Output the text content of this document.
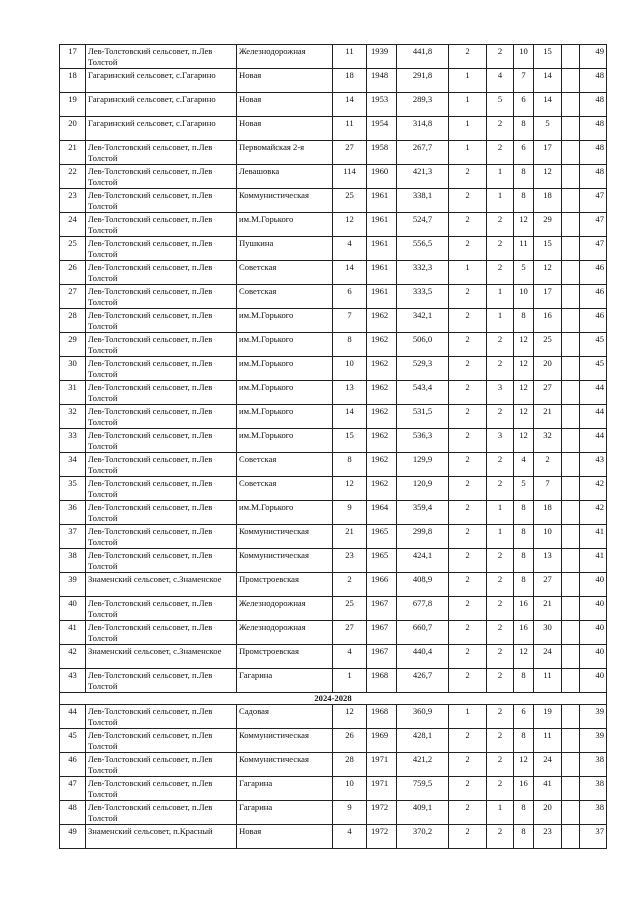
17	Лев-Толстовский сельсовет, п.Лев Толстой	Железнодорожная	11	1939	441,8	2	2	10	15		49
18	Гагаринский сельсовет, с.Гагарино	Новая	18	1948	291,8	1	4	7	14		48
19	Гагаринский сельсовет, с.Гагарино	Новая	14	1953	289,3	1	5	6	14		48
20	Гагаринский сельсовет, с.Гагарино	Новая	11	1954	314,8	1	2	8	5		48
21	Лев-Толстовский сельсовет, п.Лев Толстой	Первомайская 2-я	27	1958	267,7	1	2	6	17		48
22	Лев-Толстовский сельсовет, п.Лев Толстой	Левашовка	114	1960	421,3	2	1	8	12		48
23	Лев-Толстовский сельсовет, п.Лев Толстой	Коммунистическая	25	1961	338,1	2	1	8	18		47
24	Лев-Толстовский сельсовет, п.Лев Толстой	им.М.Горького	12	1961	524,7	2	2	12	29		47
25	Лев-Толстовский сельсовет, п.Лев Толстой	Пушкина	4	1961	556,5	2	2	11	15		47
26	Лев-Толстовский сельсовет, п.Лев Толстой	Советская	14	1961	332,3	1	2	5	12		46
27	Лев-Толстовский сельсовет, п.Лев Толстой	Советская	6	1961	333,5	2	1	10	17		46
28	Лев-Толстовский сельсовет, п.Лев Толстой	им.М.Горького	7	1962	342,1	2	1	8	16		46
29	Лев-Толстовский сельсовет, п.Лев Толстой	им.М.Горького	8	1962	506,0	2	2	12	25		45
30	Лев-Толстовский сельсовет, п.Лев Толстой	им.М.Горького	10	1962	529,3	2	2	12	20		45
31	Лев-Толстовский сельсовет, п.Лев Толстой	им.М.Горького	13	1962	543,4	2	3	12	27		44
32	Лев-Толстовский сельсовет, п.Лев Толстой	им.М.Горького	14	1962	531,5	2	2	12	21		44
33	Лев-Толстовский сельсовет, п.Лев Толстой	им.М.Горького	15	1962	536,3	2	3	12	32		44
34	Лев-Толстовский сельсовет, п.Лев Толстой	Советская	8	1962	129,9	2	2	4	2		43
35	Лев-Толстовский сельсовет, п.Лев Толстой	Советская	12	1962	120,9	2	2	5	7		42
36	Лев-Толстовский сельсовет, п.Лев Толстой	им.М.Горького	9	1964	359,4	2	1	8	18		42
37	Лев-Толстовский сельсовет, п.Лев Толстой	Коммунистическая	21	1965	299,8	2	1	8	10		41
38	Лев-Толстовский сельсовет, п.Лев Толстой	Коммунистическая	23	1965	424,1	2	2	8	13		41
39	Знаменский сельсовет, с.Знаменское	Промстроевская	2	1966	408,9	2	2	8	27		40
40	Лев-Толстовский сельсовет, п.Лев Толстой	Железнодорожная	25	1967	677,8	2	2	16	21		40
41	Лев-Толстовский сельсовет, п.Лев Толстой	Железнодорожная	27	1967	660,7	2	2	16	30		40
42	Знаменский сельсовет, с.Знаменское	Промстроевская	4	1967	440,4	2	2	12	24		40
43	Лев-Толстовский сельсовет, п.Лев Толстой	Гагарина	1	1968	426,7	2	2	8	11		40
2024-2028											
44	Лев-Толстовский сельсовет, п.Лев Толстой	Садовая	12	1968	360,9	1	2	6	19		39
45	Лев-Толстовский сельсовет, п.Лев Толстой	Коммунистическая	26	1969	428,1	2	2	8	11		39
46	Лев-Толстовский сельсовет, п.Лев Толстой	Коммунистическая	28	1971	421,2	2	2	12	24		38
47	Лев-Толстовский сельсовет, п.Лев Толстой	Гагарина	10	1971	759,5	2	2	16	41		38
48	Лев-Толстовский сельсовет, п.Лев Толстой	Гагарина	9	1972	409,1	2	1	8	20		38
49	Знаменский сельсовет, п.Красный	Новая	4	1972	370,2	2	2	8	23		37
